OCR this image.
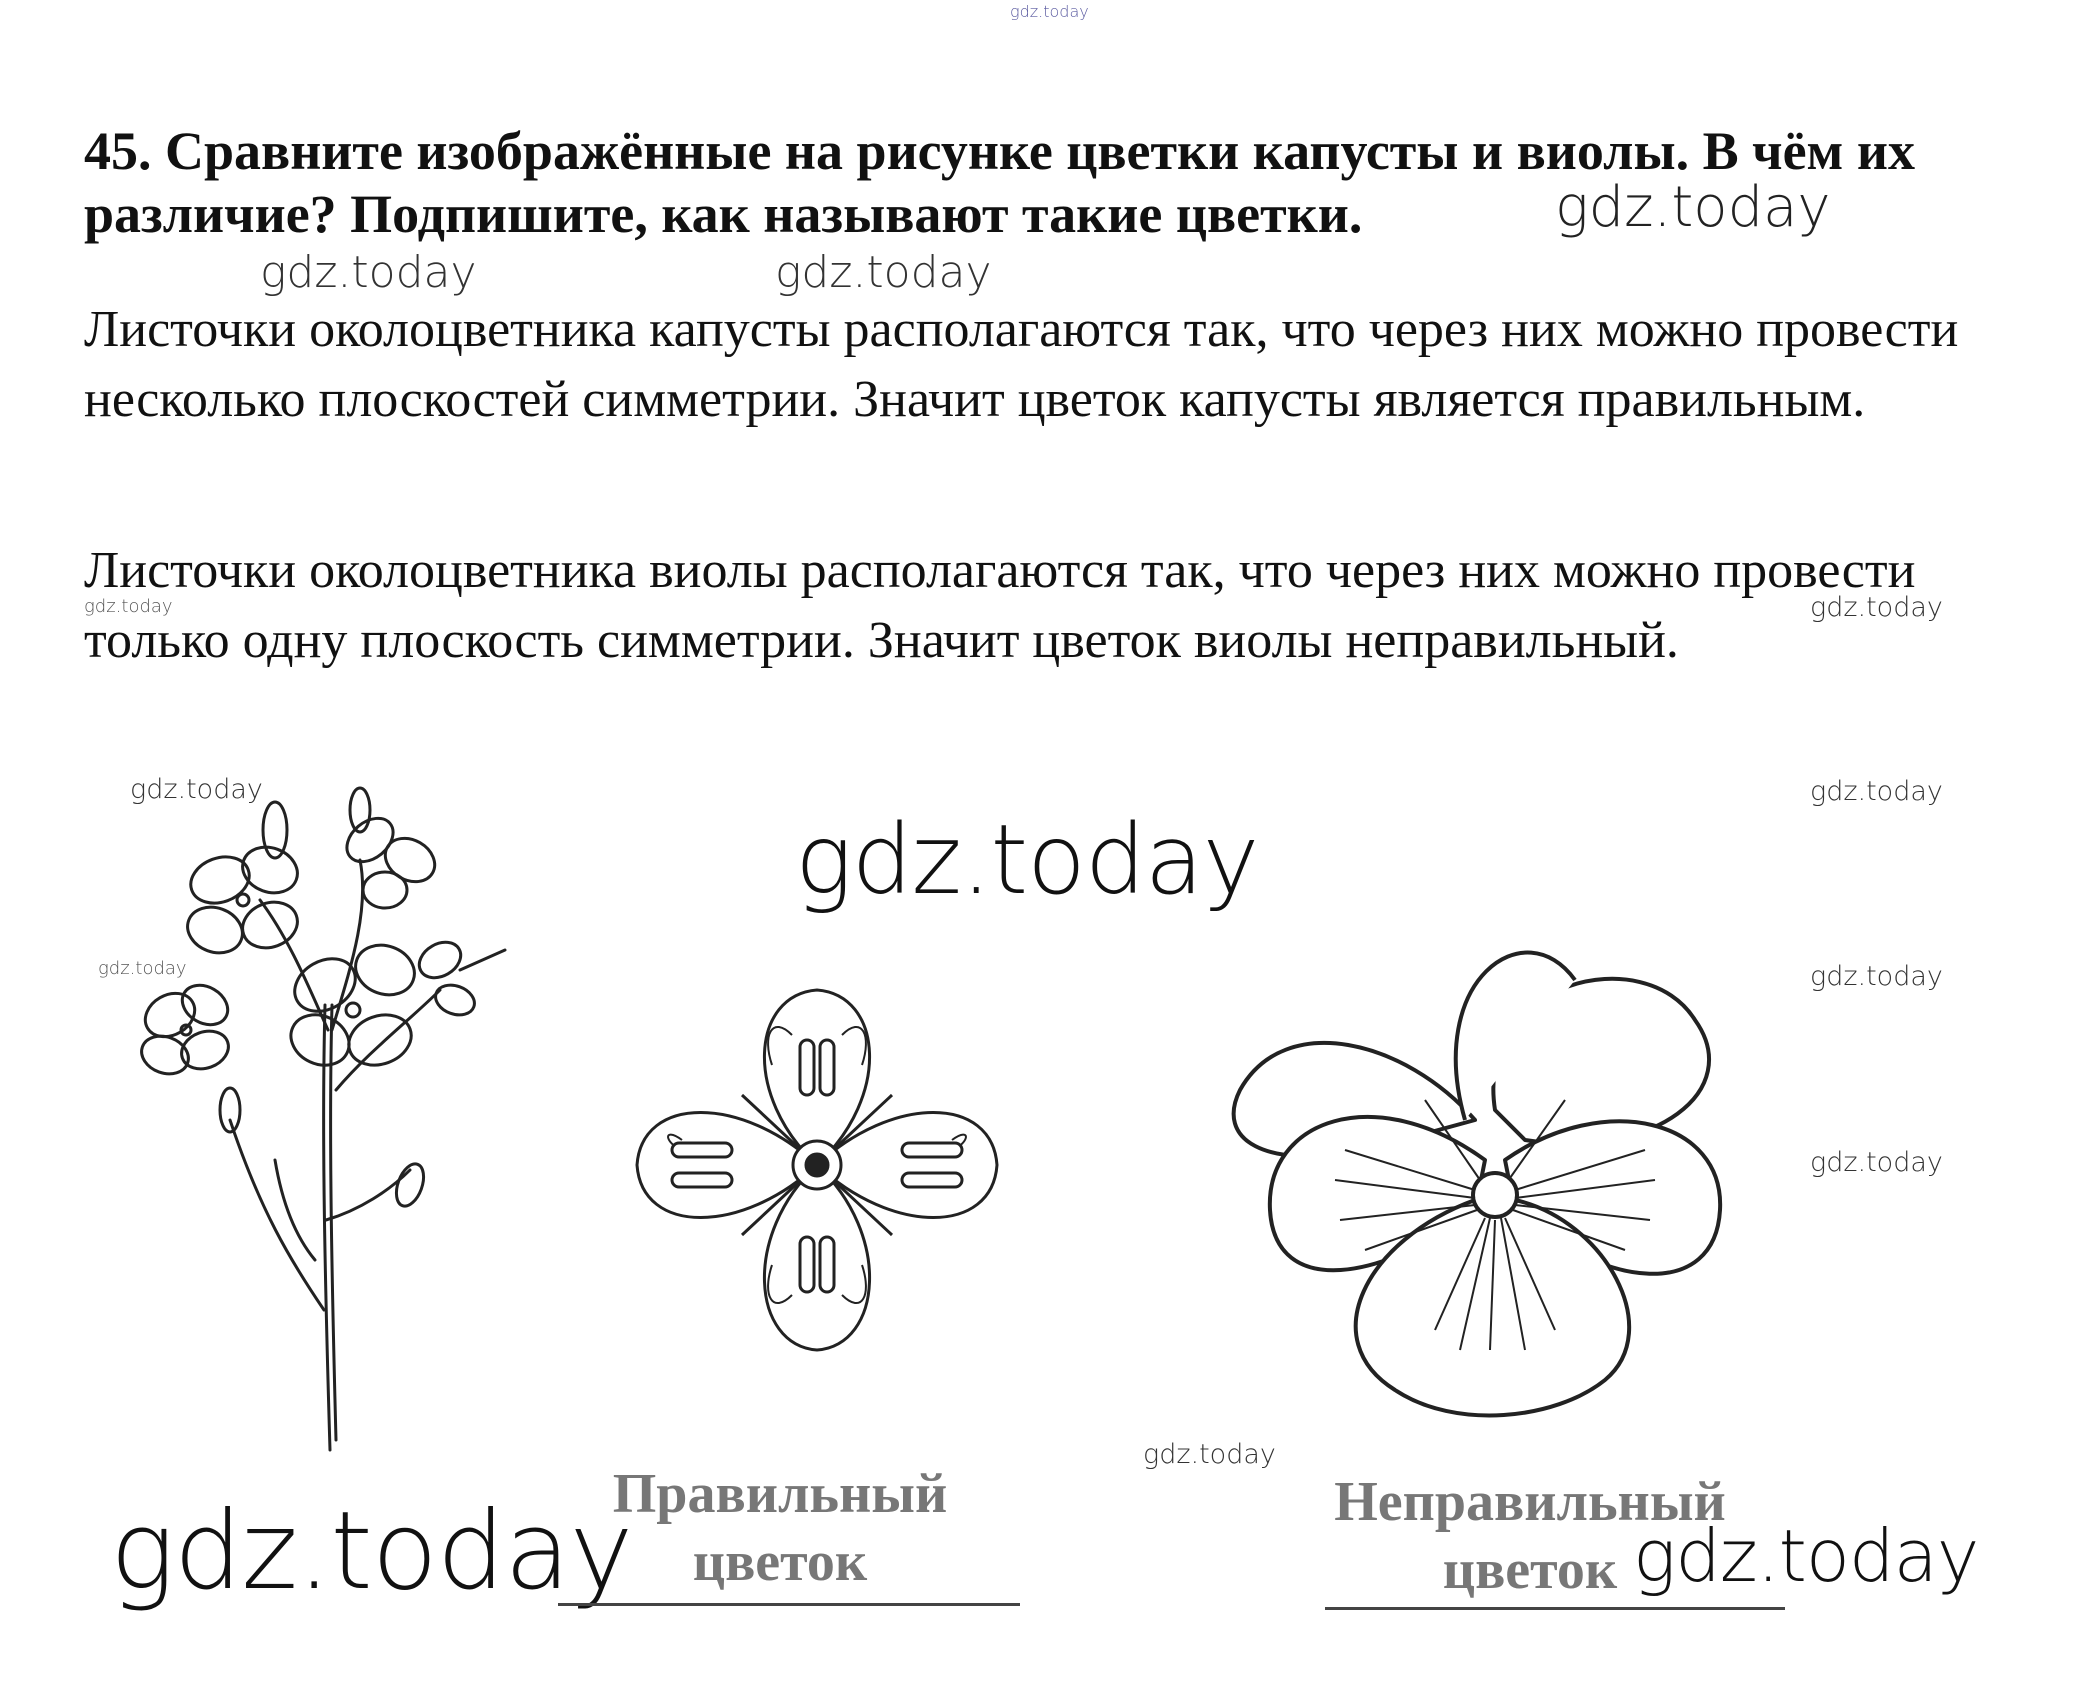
gdz.today
gdz.today
gdz.today	gdz.today
gdz.today
gdz.today
gdz.today	gdz.today
gdz.today	gdz.today
gdz.today
gdz.today
gdz.today
gdz.today	gdz.today

45. Сравните изображённые на рисунке цветки капусты и виолы. В чём их различие? Подпишите, как называют такие цветки.

Листочки околоцветника капусты располагаются так, что через них можно провести несколько плоскостей симметрии. Значит цветок капусты является правильным.

Листочки околоцветника виолы располагаются так, что через них можно провести только одну плоскость симметрии. Значит цветок виолы неправильный.

Правильный
цветок
Неправильный
цветок
